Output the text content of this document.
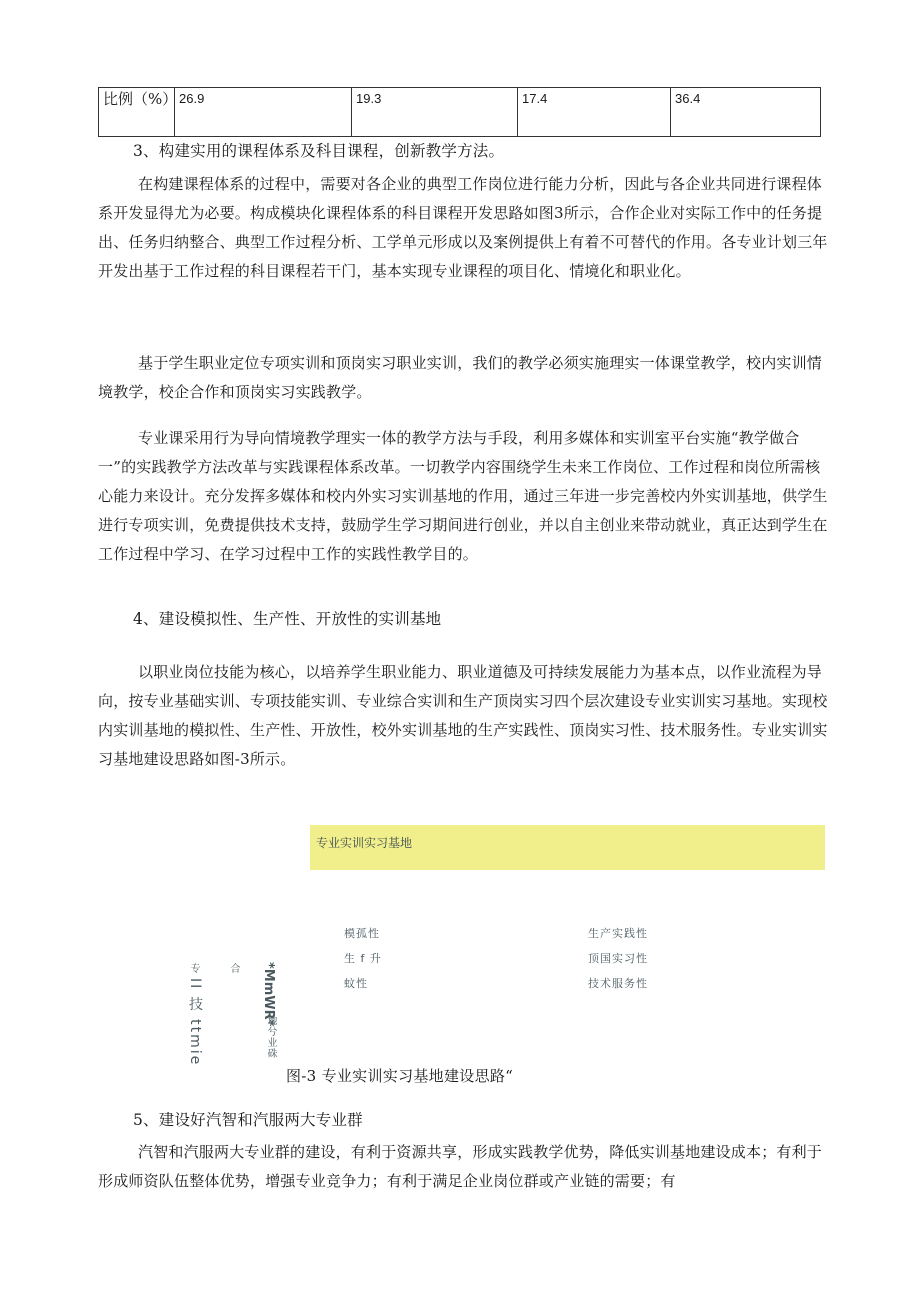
比例（%）	26.9	19.3	17.4	36.4
3、构建实用的课程体系及科目课程，创新教学方法。
在构建课程体系的过程中，需要对各企业的典型工作岗位进行能力分析，因此与各企业共同进行课程体系开发显得尤为必要。构成模块化课程体系的科目课程开发思路如图3所示，合作企业对实际工作中的任务提出、任务归纳整合、典型工作过程分析、工学单元形成以及案例提供上有着不可替代的作用。各专业计划三年开发出基于工作过程的科目课程若干门，基本实现专业课程的项目化、情境化和职业化。
基于学生职业定位专项实训和顶岗实习职业实训，我们的教学必须实施理实一体课堂教学，校内实训情境教学，校企合作和顶岗实习实践教学。
专业课采用行为导向情境教学理实一体的教学方法与手段，利用多媒体和实训室平台实施“教学做合一”的实践教学方法改革与实践课程体系改革。一切教学内容围绕学生未来工作岗位、工作过程和岗位所需核心能力来设计。充分发挥多媒体和校内外实习实训基地的作用，通过三年进一步完善校内外实训基地，供学生进行专项实训，免费提供技术支持，鼓励学生学习期间进行创业，并以自主创业来带动就业，真正达到学生在工作过程中学习、在学习过程中工作的实践性教学目的。
4、建设模拟性、生产性、开放性的实训基地
以职业岗位技能为核心，以培养学生职业能力、职业道德及可持续发展能力为基本点，以作业流程为导向，按专业基础实训、专项技能实训、专业综合实训和生产顶岗实习四个层次建设专业实训实习基地。实现校内实训基地的模拟性、生产性、开放性，校外实训基地的生产实践性、顶岗实习性、技术服务性。专业实训实习基地建设思路如图-3所示。
专业实训实习基地
模孤性
生 f 升
蚊性
生产实践性
顶国实习性
技术服务性
专
II 技 ttmie
合 *MmWR*
地兮业硃
图-3 专业实训实习基地建设思路“
5、建设好汽智和汽服两大专业群
汽智和汽服两大专业群的建设，有利于资源共享，形成实践教学优势，降低实训基地建设成本；有利于形成师资队伍整体优势，增强专业竞争力；有利于满足企业岗位群或产业链的需要；有
